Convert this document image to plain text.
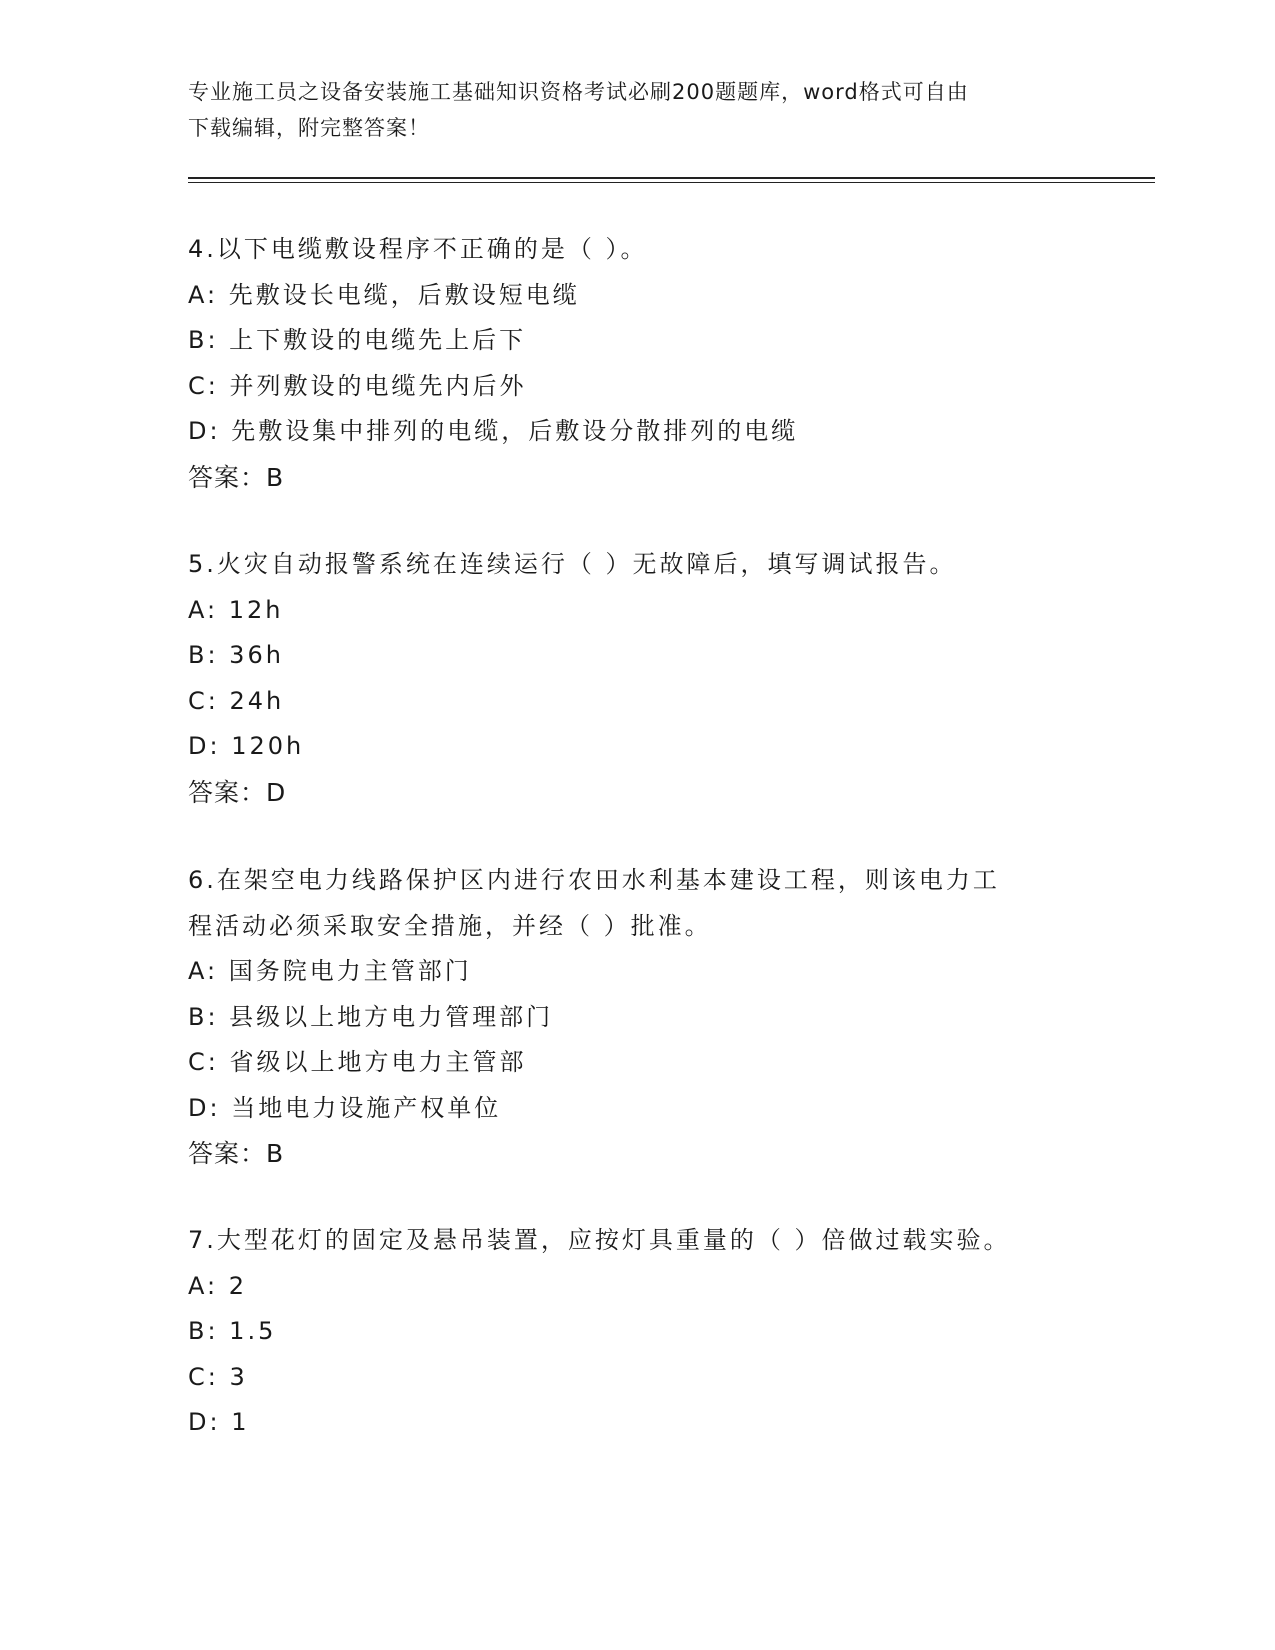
专业施工员之设备安装施工基础知识资格考试必刷200题题库，word格式可自由
下载编辑，附完整答案！
4.以下电缆敷设程序不正确的是（ ）。
A: 先敷设长电缆，后敷设短电缆
B: 上下敷设的电缆先上后下
C: 并列敷设的电缆先内后外
D: 先敷设集中排列的电缆，后敷设分散排列的电缆
答案：B
5.火灾自动报警系统在连续运行（ ）无故障后，填写调试报告。
A: 12h
B: 36h
C: 24h
D: 120h
答案：D
6.在架空电力线路保护区内进行农田水利基本建设工程，则该电力工
程活动必须采取安全措施，并经（ ）批准。
A: 国务院电力主管部门
B: 县级以上地方电力管理部门
C: 省级以上地方电力主管部
D: 当地电力设施产权单位
答案：B
7.大型花灯的固定及悬吊装置，应按灯具重量的（ ）倍做过载实验。
A: 2
B: 1.5
C: 3
D: 1
